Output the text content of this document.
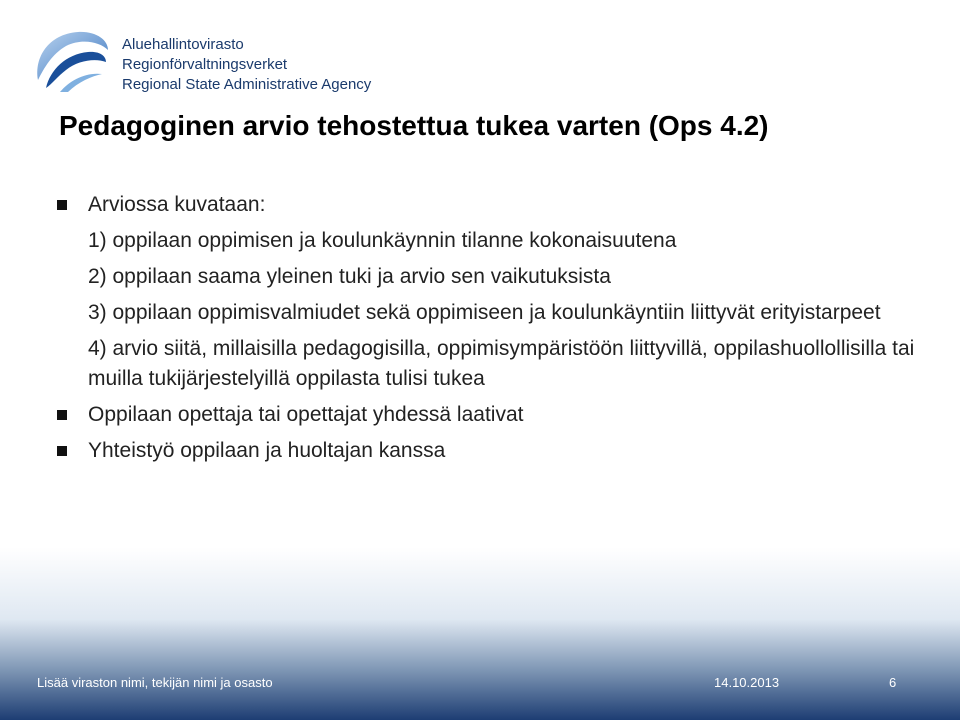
Aluehallintovirasto
Regionförvaltningsverket
Regional State Administrative Agency
Pedagoginen arvio tehostettua tukea varten (Ops 4.2)
Arviossa kuvataan:
1) oppilaan oppimisen ja koulunkäynnin tilanne kokonaisuutena
2) oppilaan saama yleinen tuki ja arvio sen vaikutuksista
3) oppilaan oppimisvalmiudet sekä oppimiseen ja koulunkäyntiin liittyvät erityistarpeet
4) arvio siitä, millaisilla pedagogisilla, oppimisympäristöön liittyvillä, oppilashuollollisilla tai muilla tukijärjestelyillä oppilasta tulisi tukea
Oppilaan opettaja tai opettajat yhdessä laativat
Yhteistyö oppilaan ja huoltajan kanssa
Lisää viraston nimi, tekijän nimi ja osasto	14.10.2013	6
